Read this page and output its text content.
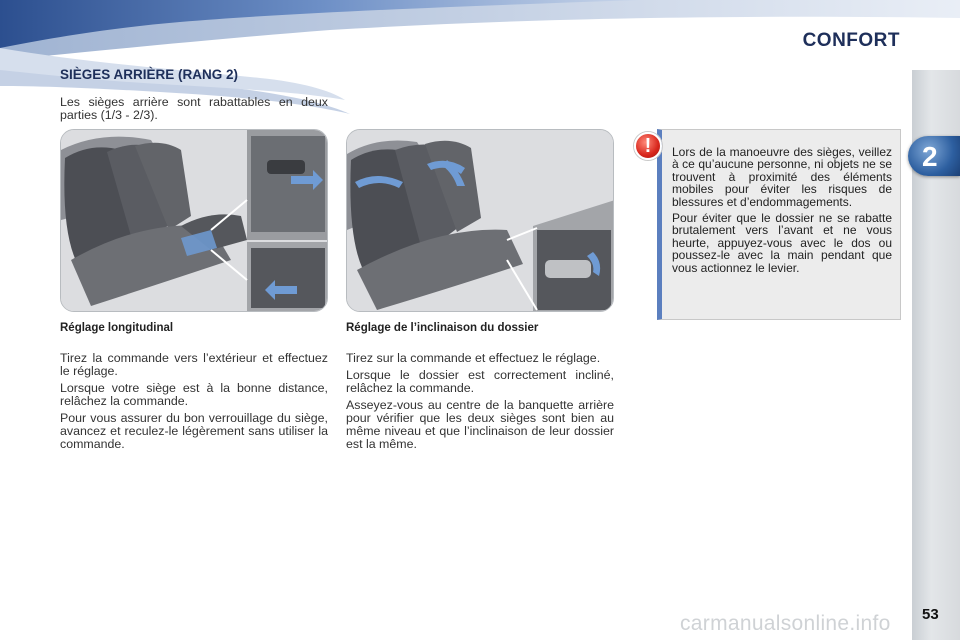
CONFORT
2
SIÈGES ARRIÈRE (RANG 2)
Les sièges arrière sont rabattables en deux parties (1/3 - 2/3).
Réglage longitudinal	Réglage de l’inclinaison du dossier

Tirez la commande vers l’extérieur et effectuez le réglage.

Lorsque votre siège est à la bonne distance, relâchez la commande.

Pour vous assurer du bon verrouillage du siège, avancez et reculez-le légèrement sans utiliser la commande.

Tirez sur la commande et effectuez le réglage.

Lorsque le dossier est correctement incliné, relâchez la commande.

Asseyez-vous au centre de la banquette arrière pour vérifier que les deux sièges sont bien au même niveau et que l’inclinaison de leur dossier est la même.

!	Lors de la manoeuvre des sièges, veillez à ce qu’aucune personne, ni objets ne se trouvent à proximité des éléments mobiles pour éviter les risques de blessures et d’endommagements.

Pour éviter que le dossier ne se rabatte brutalement vers l’avant et ne vous heurte, appuyez-vous avec le dos ou poussez-le avec la main pendant que vous actionnez le levier.

carmanualsonline.info 53
